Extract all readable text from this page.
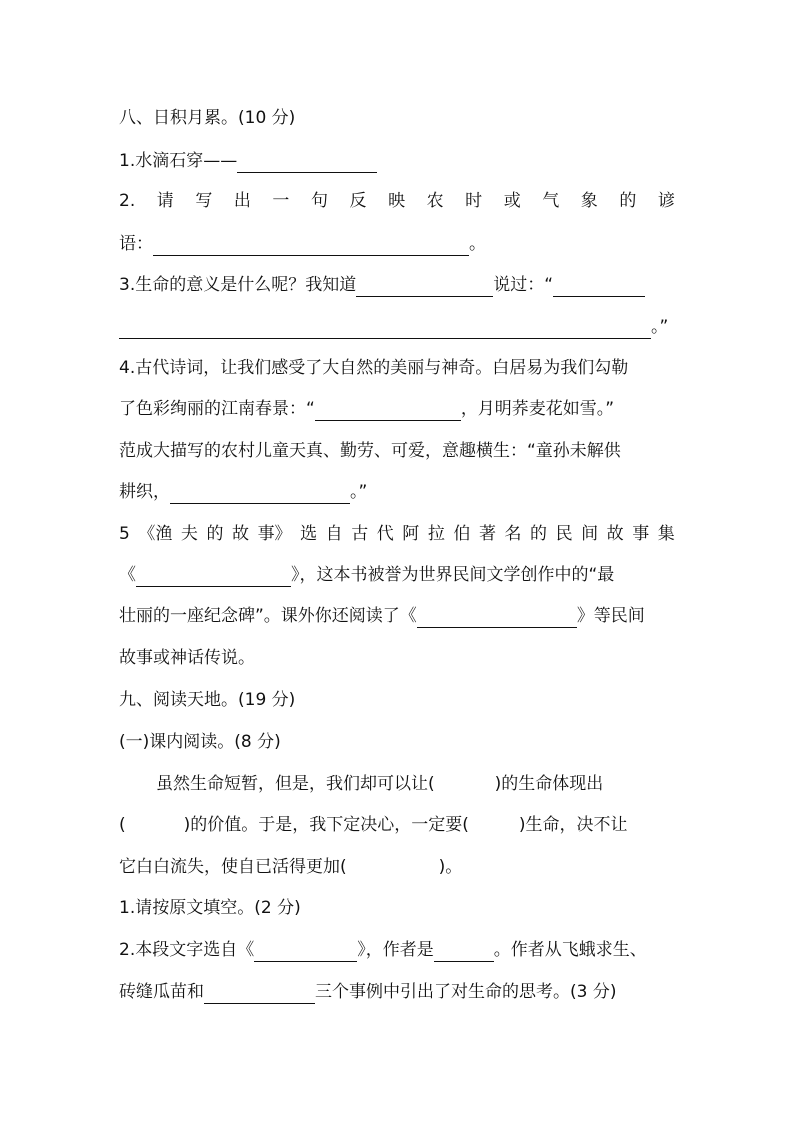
八、日积月累。(10 分)
1.水滴石穿——
2. 请 写 出 一 句 反 映 农 时 或 气 象 的 谚
语：	。
3.生命的意义是什么呢？我知道	说过：“
。”
4.古代诗词，让我们感受了大自然的美丽与神奇。白居易为我们勾勒
了色彩绚丽的江南春景：“	，月明荞麦花如雪。”
范成大描写的农村儿童天真、勤劳、可爱，意趣横生：“童孙未解供
耕织，	。”
5 《渔 夫 的 故 事》 选 自 古 代 阿 拉 伯 著 名 的 民 间 故 事 集
《	》，这本书被誉为世界民间文学创作中的“最
壮丽的一座纪念碑”。课外你还阅读了《	》等民间
故事或神话传说。
九、阅读天地。(19 分)
(一)课内阅读。(8 分)
虽然生命短暂，但是，我们却可以让(	)的生命体现出
(	)的价值。于是，我下定决心，一定要(	)生命，决不让
它白白流失，使自已活得更加(	)。
1.请按原文填空。(2 分)
2.本段文字选自《	》，作者是	。作者从飞蛾求生、
砖缝瓜苗和	三个事例中引出了对生命的思考。(3 分)
